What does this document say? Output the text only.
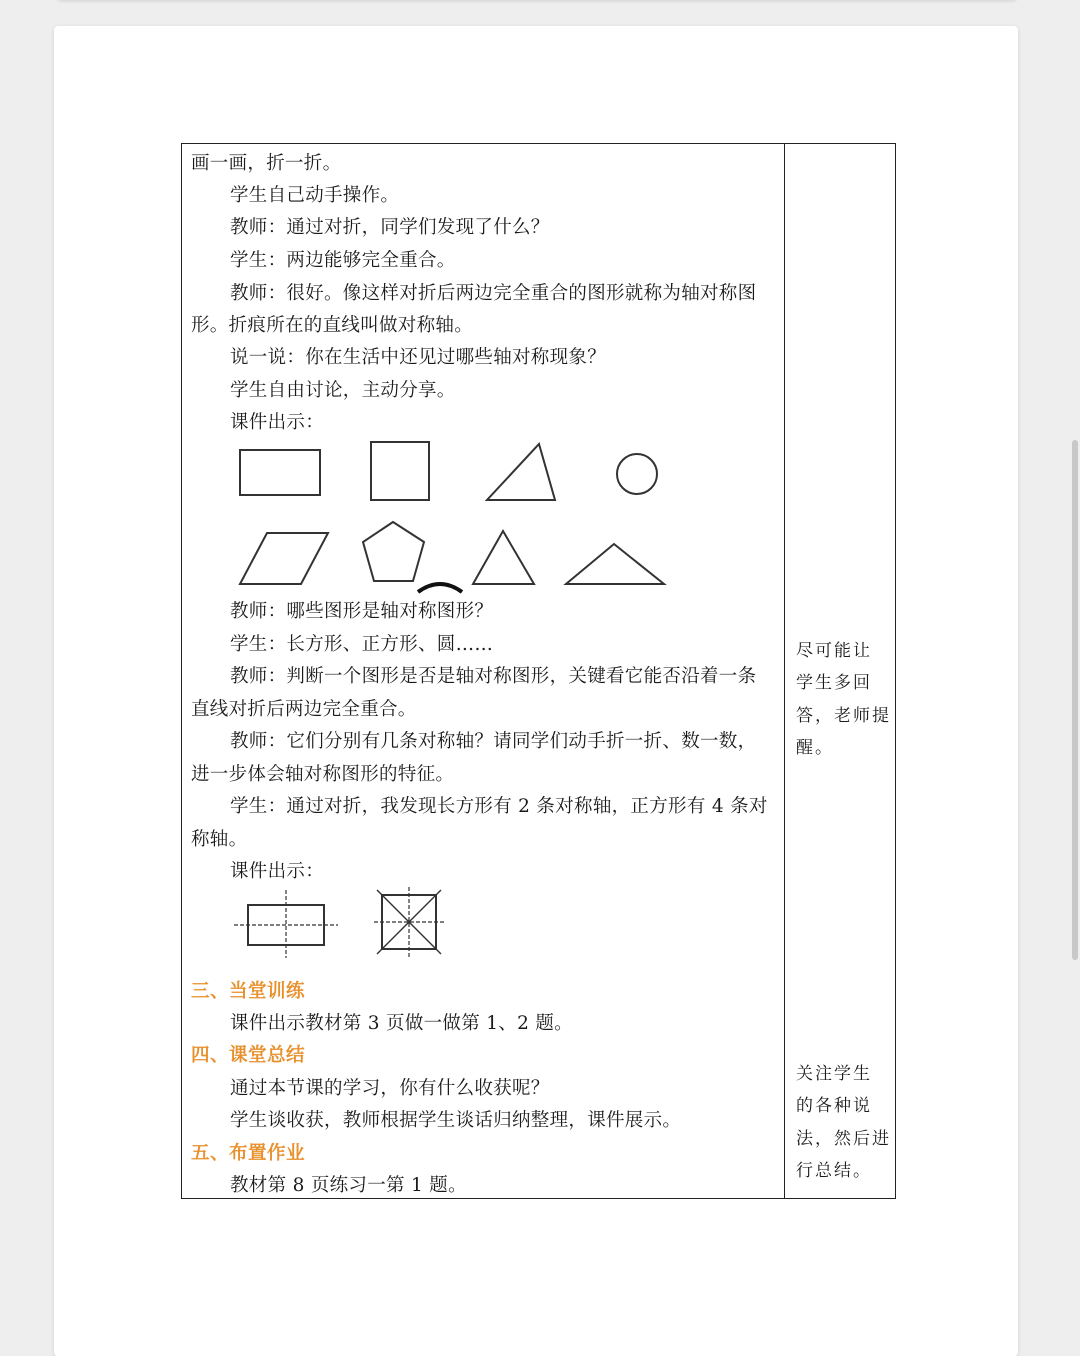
画一画，折一折。
学生自己动手操作。
教师：通过对折，同学们发现了什么？
学生：两边能够完全重合。
教师：很好。像这样对折后两边完全重合的图形就称为轴对称图
形。折痕所在的直线叫做对称轴。
说一说：你在生活中还见过哪些轴对称现象？
学生自由讨论，主动分享。
课件出示：
教师：哪些图形是轴对称图形？
学生：长方形、正方形、圆……
教师：判断一个图形是否是轴对称图形，关键看它能否沿着一条
直线对折后两边完全重合。
教师：它们分别有几条对称轴？请同学们动手折一折、数一数，
进一步体会轴对称图形的特征。
学生：通过对折，我发现长方形有 2 条对称轴，正方形有 4 条对
称轴。
课件出示：
三、当堂训练
课件出示教材第 3 页做一做第 1、2 题。
四、课堂总结
通过本节课的学习，你有什么收获呢？
学生谈收获，教师根据学生谈话归纳整理，课件展示。
五、布置作业
教材第 8 页练习一第 1 题。
尽可能让
学生多回
答，老师提
醒。
关注学生
的各种说
法，然后进
行总结。
